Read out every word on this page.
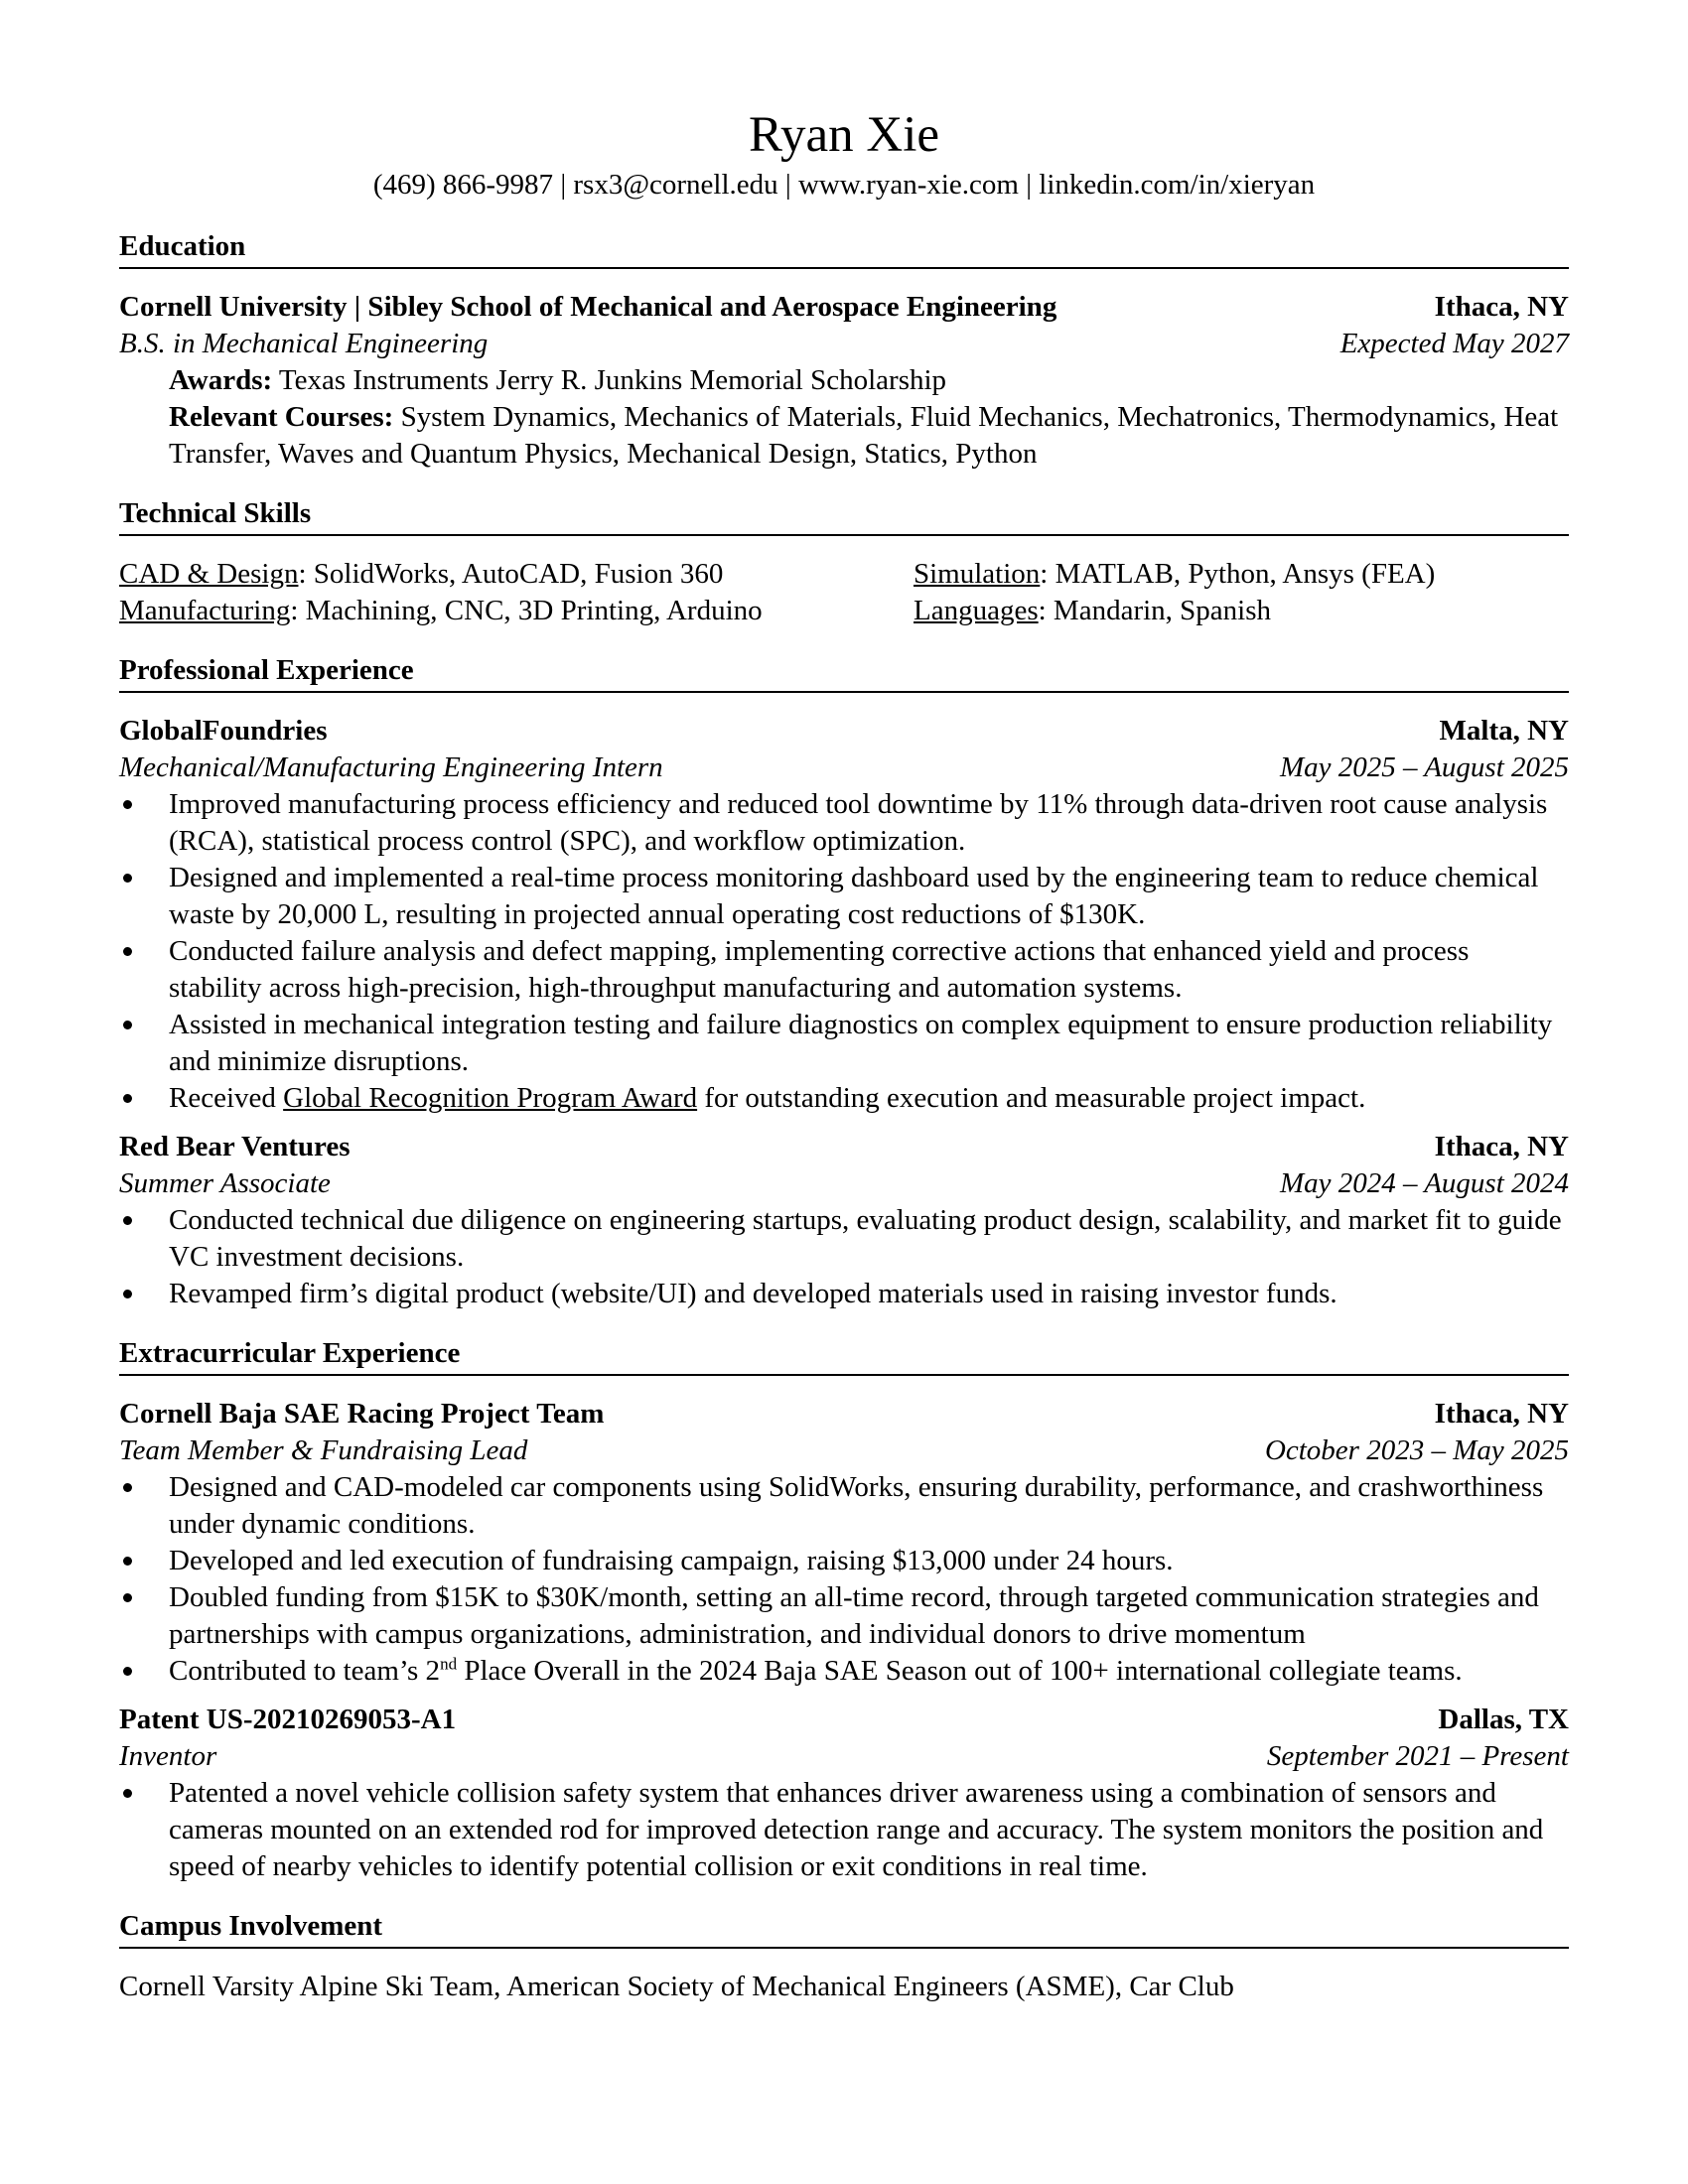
Ryan Xie
(469) 866-9987 | rsx3@cornell.edu | www.ryan-xie.com | linkedin.com/in/xieryan
Education
Cornell University | Sibley School of Mechanical and Aerospace Engineering	Ithaca, NY
B.S. in Mechanical Engineering	Expected May 2027
Awards: Texas Instruments Jerry R. Junkins Memorial Scholarship
Relevant Courses: System Dynamics, Mechanics of Materials, Fluid Mechanics, Mechatronics, Thermodynamics, Heat Transfer, Waves and Quantum Physics, Mechanical Design, Statics, Python
Technical Skills
CAD & Design: SolidWorks, AutoCAD, Fusion 360	Simulation: MATLAB, Python, Ansys (FEA)
Manufacturing: Machining, CNC, 3D Printing, Arduino	Languages: Mandarin, Spanish
Professional Experience
GlobalFoundries	Malta, NY
Mechanical/Manufacturing Engineering Intern	May 2025 – August 2025
Improved manufacturing process efficiency and reduced tool downtime by 11% through data-driven root cause analysis (RCA), statistical process control (SPC), and workflow optimization.
Designed and implemented a real-time process monitoring dashboard used by the engineering team to reduce chemical waste by 20,000 L, resulting in projected annual operating cost reductions of $130K.
Conducted failure analysis and defect mapping, implementing corrective actions that enhanced yield and process stability across high-precision, high-throughput manufacturing and automation systems.
Assisted in mechanical integration testing and failure diagnostics on complex equipment to ensure production reliability and minimize disruptions.
Received Global Recognition Program Award for outstanding execution and measurable project impact.
Red Bear Ventures	Ithaca, NY
Summer Associate	May 2024 – August 2024
Conducted technical due diligence on engineering startups, evaluating product design, scalability, and market fit to guide VC investment decisions.
Revamped firm’s digital product (website/UI) and developed materials used in raising investor funds.
Extracurricular Experience
Cornell Baja SAE Racing Project Team	Ithaca, NY
Team Member & Fundraising Lead	October 2023 – May 2025
Designed and CAD-modeled car components using SolidWorks, ensuring durability, performance, and crashworthiness under dynamic conditions.
Developed and led execution of fundraising campaign, raising $13,000 under 24 hours.
Doubled funding from $15K to $30K/month, setting an all-time record, through targeted communication strategies and partnerships with campus organizations, administration, and individual donors to drive momentum
Contributed to team’s 2nd Place Overall in the 2024 Baja SAE Season out of 100+ international collegiate teams.
Patent US-20210269053-A1	Dallas, TX
Inventor	September 2021 – Present
Patented a novel vehicle collision safety system that enhances driver awareness using a combination of sensors and cameras mounted on an extended rod for improved detection range and accuracy. The system monitors the position and speed of nearby vehicles to identify potential collision or exit conditions in real time.
Campus Involvement
Cornell Varsity Alpine Ski Team, American Society of Mechanical Engineers (ASME), Car Club
